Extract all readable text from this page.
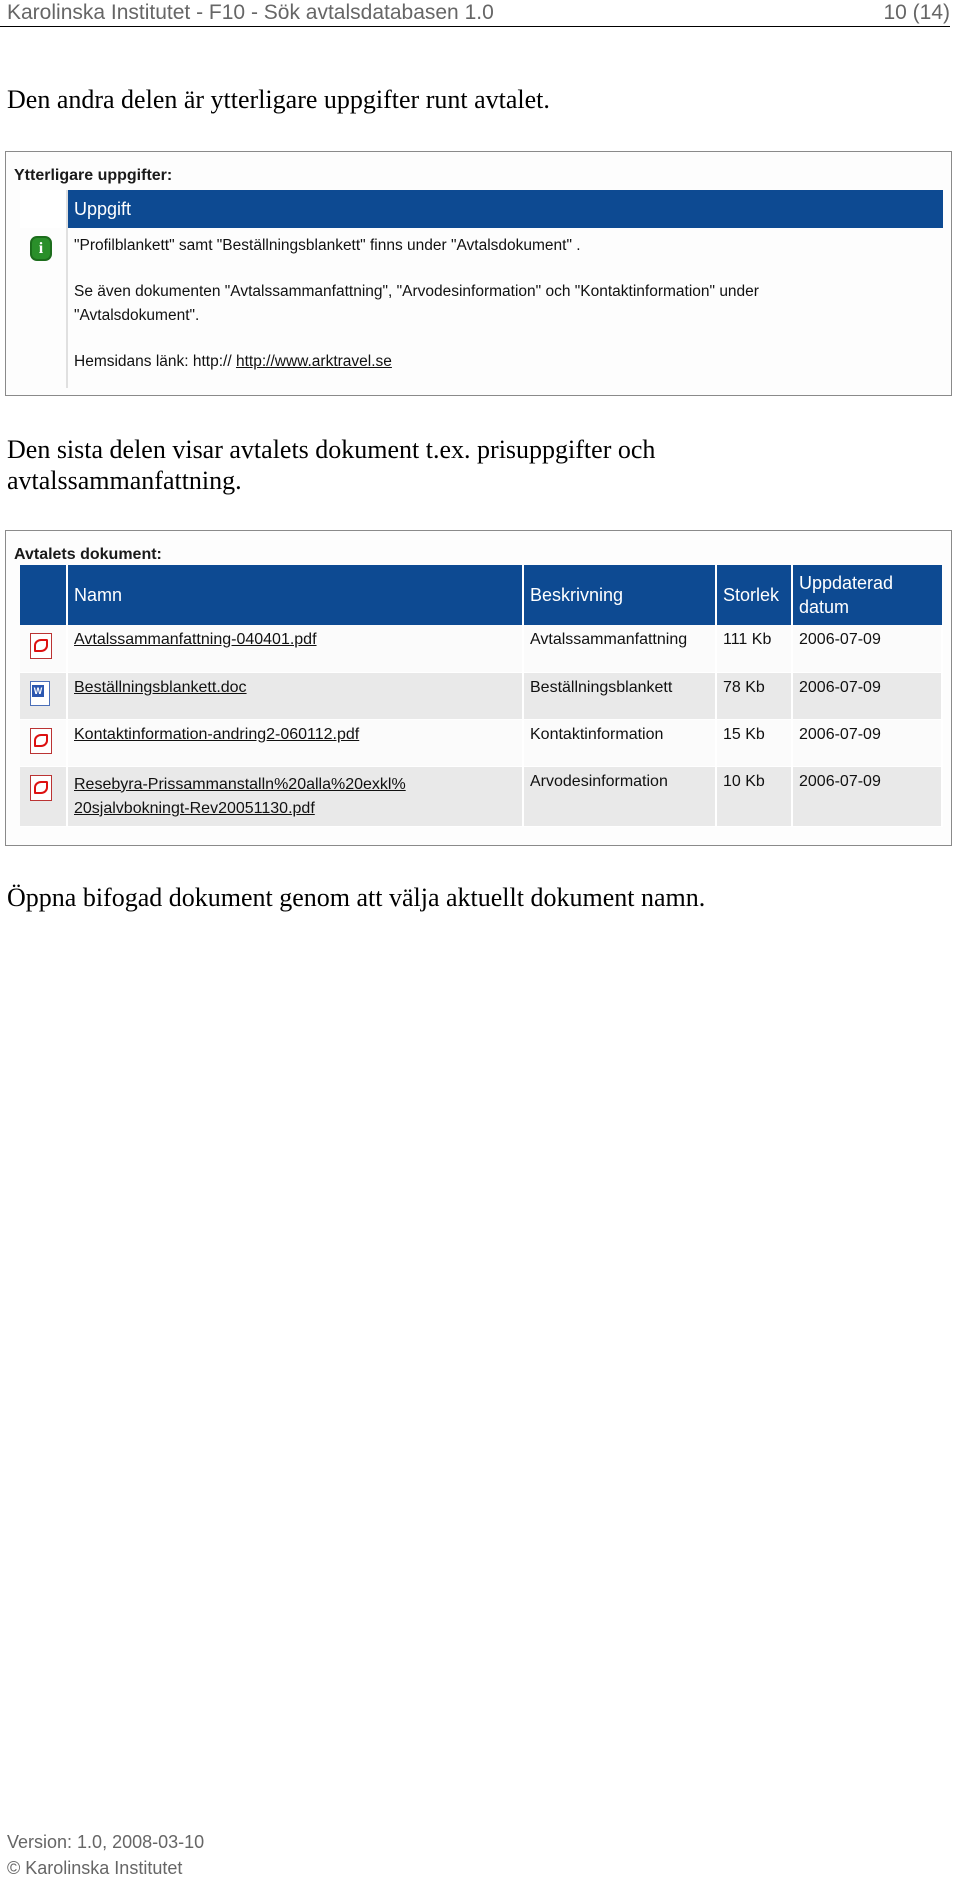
Karolinska Institutet - F10 - Sök avtalsdatabasen 1.0	10 (14)

Den andra delen är ytterligare uppgifter runt avtalet.

Ytterligare uppgifter:
	Uppgift

i

"Profilblankett" samt "Beställningsblankett" finns under "Avtalsdokument" .
Se även dokumenten "Avtalssammanfattning", "Arvodesinformation" och "Kontaktinformation" under
"Avtalsdokument".
Hemsidans länk: http:// http://www.arktravel.se

Den sista delen visar avtalets dokument t.ex. prisuppgifter och
avtalssammanfattning.

Avtalets dokument:
	Namn	Beskrivning	Storlek	Uppdaterad
datum

	Avtalssammanfattning-040401.pdf	Avtalssammanfattning	111 Kb	2006-07-09

W
	Beställningsblankett.doc	Beställningsblankett	78 Kb	2006-07-09

	Kontaktinformation-andring2-060112.pdf	Kontaktinformation	15 Kb	2006-07-09

	Resebyra-Prissammanstalln%20alla%20exkl%
20sjalvbokningt-Rev20051130.pdf	Arvodesinformation	10 Kb	2006-07-09

Öppna bifogad dokument genom att välja aktuellt dokument namn.

Version: 1.0, 2008-03-10
© Karolinska Institutet
